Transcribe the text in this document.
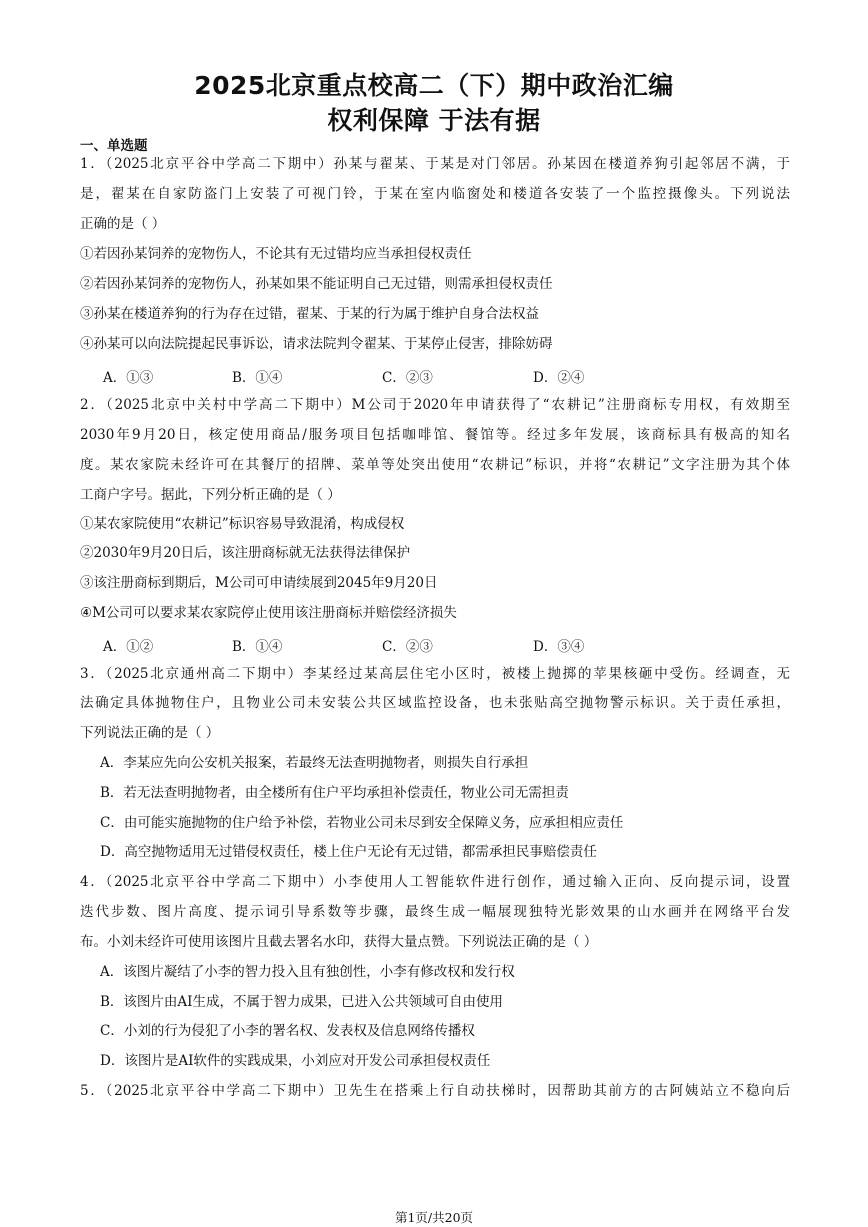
2025北京重点校高二（下）期中政治汇编
权利保障 于法有据
一、单选题
1．（2025北京平谷中学高二下期中）孙某与翟某、于某是对门邻居。孙某因在楼道养狗引起邻居不满，于
是，翟某在自家防盗门上安装了可视门铃，于某在室内临窗处和楼道各安装了一个监控摄像头。下列说法
正确的是（ ）
①若因孙某饲养的宠物伤人，不论其有无过错均应当承担侵权责任
②若因孙某饲养的宠物伤人，孙某如果不能证明自己无过错，则需承担侵权责任
③孙某在楼道养狗的行为存在过错，翟某、于某的行为属于维护自身合法权益
④孙某可以向法院提起民事诉讼，请求法院判令翟某、于某停止侵害，排除妨碍
A．①③	B．①④	C．②③	D．②④
2．（2025北京中关村中学高二下期中）M公司于2020年申请获得了“农耕记”注册商标专用权，有效期至
2030年9月20日，核定使用商品/服务项目包括咖啡馆、餐馆等。经过多年发展，该商标具有极高的知名
度。某农家院未经许可在其餐厅的招牌、菜单等处突出使用“农耕记”标识，并将“农耕记”文字注册为其个体
工商户字号。据此，下列分析正确的是（ ）
①某农家院使用“农耕记”标识容易导致混淆，构成侵权
②2030年9月20日后，该注册商标就无法获得法律保护
③该注册商标到期后，M公司可申请续展到2045年9月20日
④M公司可以要求某农家院停止使用该注册商标并赔偿经济损失
A．①②	B．①④	C．②③	D．③④
3．（2025北京通州高二下期中）李某经过某高层住宅小区时，被楼上抛掷的苹果核砸中受伤。经调查，无
法确定具体抛物住户，且物业公司未安装公共区域监控设备，也未张贴高空抛物警示标识。关于责任承担，
下列说法正确的是（ ）
A．李某应先向公安机关报案，若最终无法查明抛物者，则损失自行承担
B．若无法查明抛物者，由全楼所有住户平均承担补偿责任，物业公司无需担责
C．由可能实施抛物的住户给予补偿，若物业公司未尽到安全保障义务，应承担相应责任
D．高空抛物适用无过错侵权责任，楼上住户无论有无过错，都需承担民事赔偿责任
4．（2025北京平谷中学高二下期中）小李使用人工智能软件进行创作，通过输入正向、反向提示词，设置
迭代步数、图片高度、提示词引导系数等步骤，最终生成一幅展现独特光影效果的山水画并在网络平台发
布。小刘未经许可使用该图片且截去署名水印，获得大量点赞。下列说法正确的是（ ）
A．该图片凝结了小李的智力投入且有独创性，小李有修改权和发行权
B．该图片由AI生成，不属于智力成果，已进入公共领域可自由使用
C．小刘的行为侵犯了小李的署名权、发表权及信息网络传播权
D．该图片是AI软件的实践成果，小刘应对开发公司承担侵权责任
5．（2025北京平谷中学高二下期中）卫先生在搭乘上行自动扶梯时，因帮助其前方的古阿姨站立不稳向后
第1页/共20页
